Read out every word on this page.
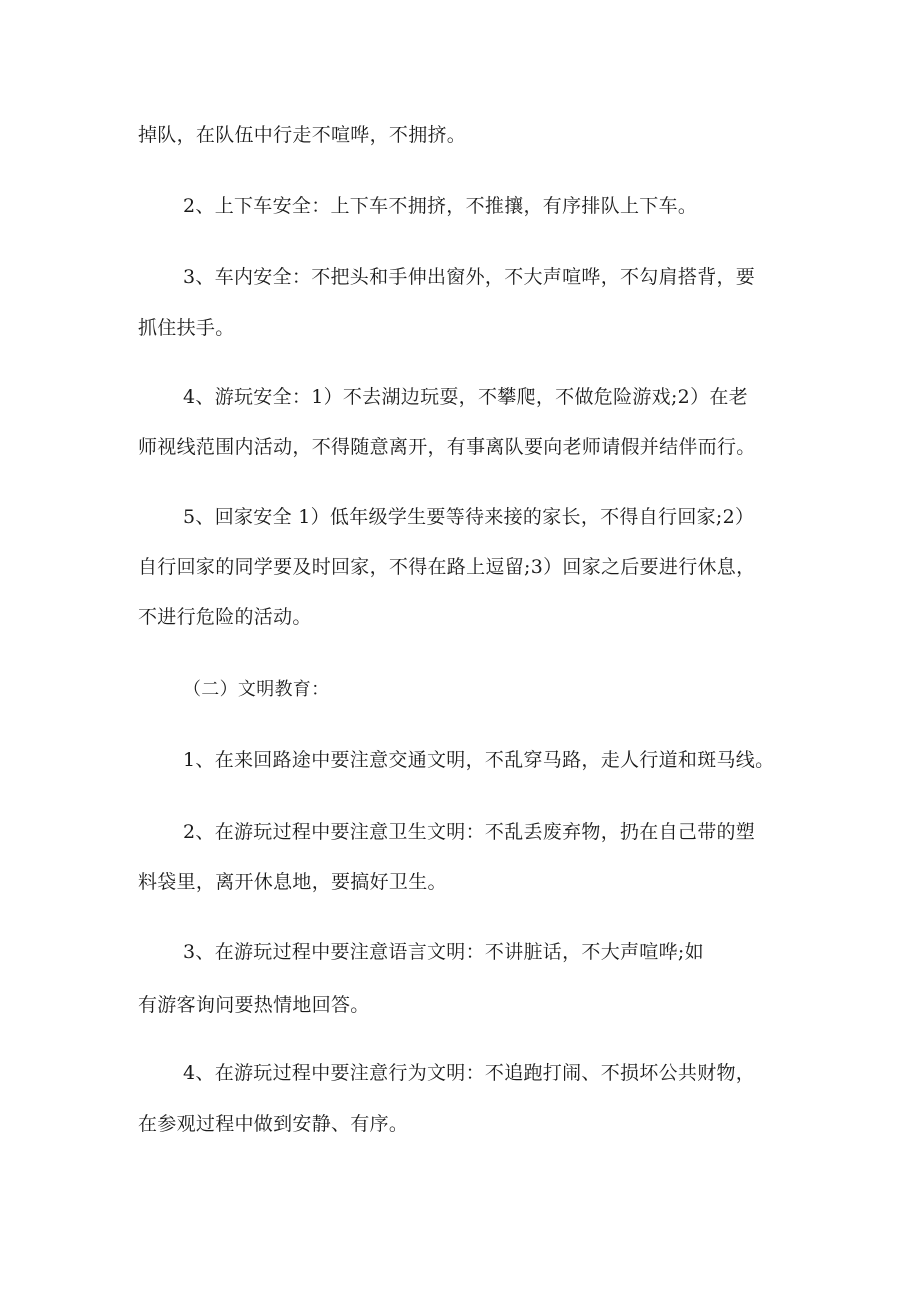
掉队，在队伍中行走不喧哗，不拥挤。
2、上下车安全：上下车不拥挤，不推攘，有序排队上下车。
3、车内安全：不把头和手伸出窗外，不大声喧哗，不勾肩搭背，要
抓住扶手。
4、游玩安全：1）不去湖边玩耍，不攀爬，不做危险游戏;2）在老
师视线范围内活动，不得随意离开，有事离队要向老师请假并结伴而行。
5、回家安全 1）低年级学生要等待来接的家长，不得自行回家;2）
自行回家的同学要及时回家，不得在路上逗留;3）回家之后要进行休息，
不进行危险的活动。
（二）文明教育：
1、在来回路途中要注意交通文明，不乱穿马路，走人行道和斑马线。
2、在游玩过程中要注意卫生文明：不乱丢废弃物，扔在自己带的塑
料袋里，离开休息地，要搞好卫生。
3、在游玩过程中要注意语言文明：不讲脏话，不大声喧哗;如
有游客询问要热情地回答。
4、在游玩过程中要注意行为文明：不追跑打闹、不损坏公共财物，
在参观过程中做到安静、有序。
